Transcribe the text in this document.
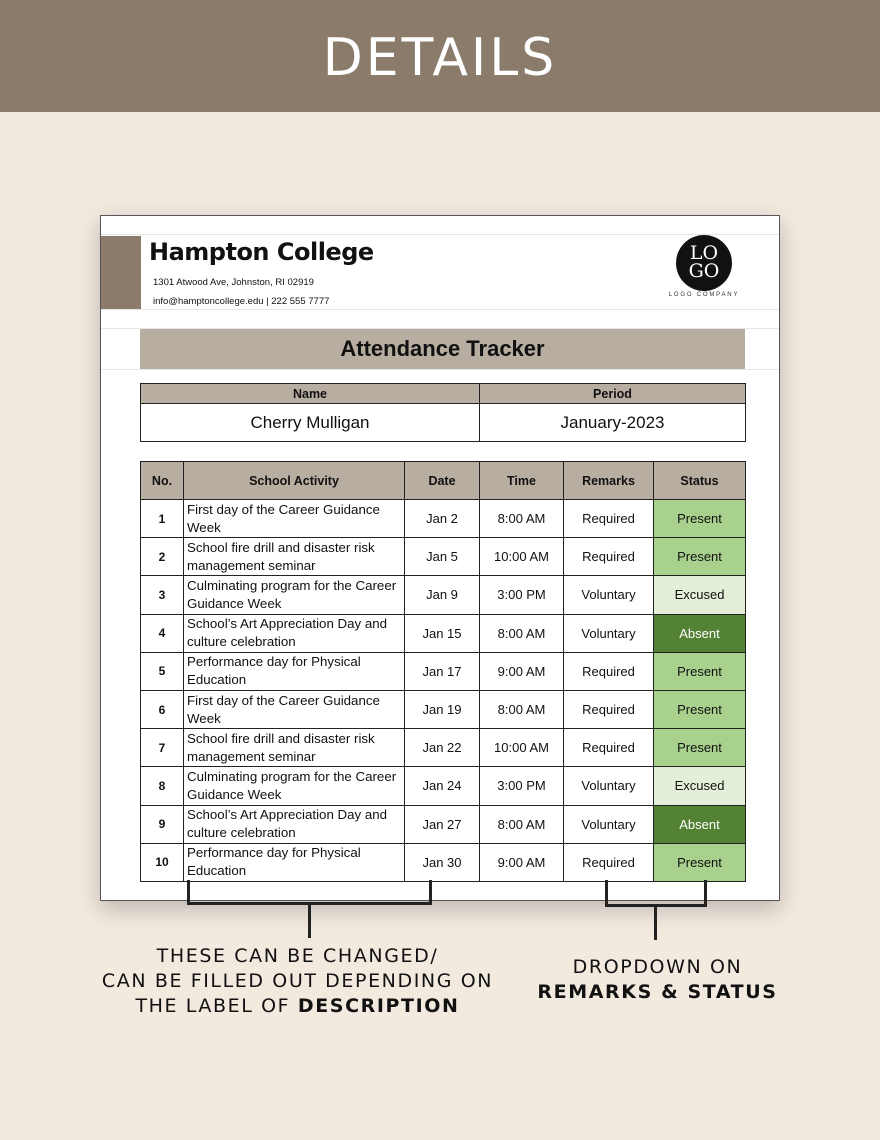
DETAILS
Hampton College
1301 Atwood Ave, Johnston, RI 02919
info@hamptoncollege.edu | 222 555 7777
LO
GO
LOGO COMPANY
Attendance Tracker
Name	Period
Cherry Mulligan	January-2023
No.	School Activity	Date	Time	Remarks	Status
1	First day of the Career Guidance Week	Jan 2	8:00 AM	Required	Present
2	School fire drill and disaster risk management seminar	Jan 5	10:00 AM	Required	Present
3	Culminating program for the Career Guidance Week	Jan 9	3:00 PM	Voluntary	Excused
4	School’s Art Appreciation Day and culture celebration	Jan 15	8:00 AM	Voluntary	Absent
5	Performance day for Physical Education	Jan 17	9:00 AM	Required	Present
6	First day of the Career Guidance Week	Jan 19	8:00 AM	Required	Present
7	School fire drill and disaster risk management seminar	Jan 22	10:00 AM	Required	Present
8	Culminating program for the Career Guidance Week	Jan 24	3:00 PM	Voluntary	Excused
9	School’s Art Appreciation Day and culture celebration	Jan 27	8:00 AM	Voluntary	Absent
10	Performance day for Physical Education	Jan 30	9:00 AM	Required	Present
THESE CAN BE CHANGED/
CAN BE FILLED OUT DEPENDING ON
THE LABEL OF DESCRIPTION
DROPDOWN ON
REMARKS & STATUS
